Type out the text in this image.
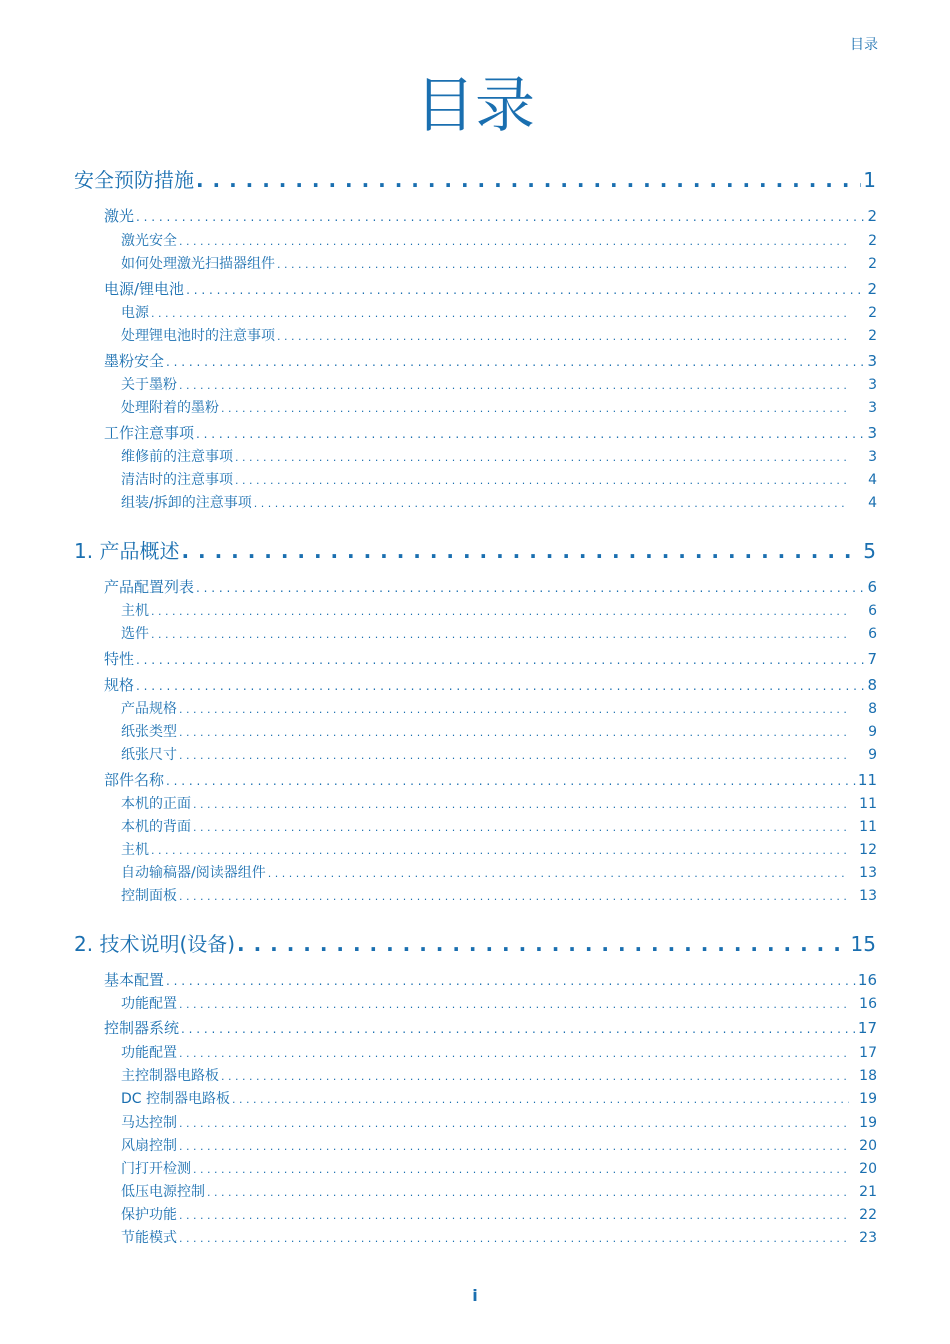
目录
目录
安全预防措施 . . .	1
激光 . . .	2
激光安全 . . .	2
如何处理激光扫描器组件 . . .	2
电源/锂电池 . . .	2
电源 . . .	2
处理锂电池时的注意事项 . . .	2
墨粉安全 . . .	3
关于墨粉 . . .	3
处理附着的墨粉 . . .	3
工作注意事项 . . .	3
维修前的注意事项 . . .	3
清洁时的注意事项 . . .	4
组装/拆卸的注意事项 . . .	4
1. 产品概述 . . .	5
产品配置列表 . . .	6
主机 . . .	6
选件 . . .	6
特性 . . .	7
规格 . . .	8
产品规格 . . .	8
纸张类型 . . .	9
纸张尺寸 . . .	9
部件名称 . . .	11
本机的正面 . . .	11
本机的背面 . . .	11
主机 . . .	12
自动输稿器/阅读器组件 . . .	13
控制面板 . . .	13
2. 技术说明(设备) . . .	15
基本配置 . . .	16
功能配置 . . .	16
控制器系统 . . .	17
功能配置 . . .	17
主控制器电路板 . . .	18
DC 控制器电路板 . . .	19
马达控制 . . .	19
风扇控制 . . .	20
门打开检测 . . .	20
低压电源控制 . . .	21
保护功能 . . .	22
节能模式 . . .	23
i
